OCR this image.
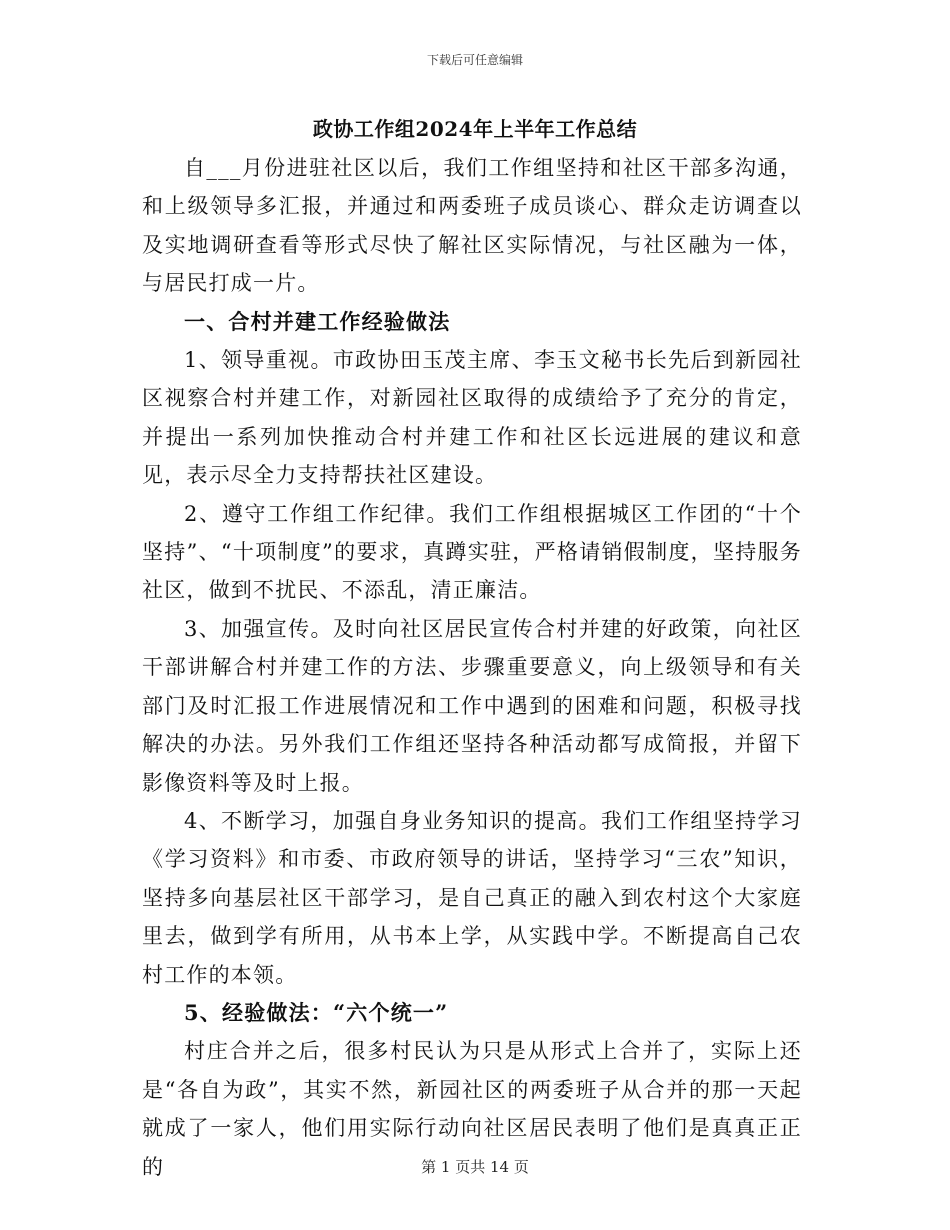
下载后可任意编辑
政协工作组2024年上半年工作总结

自___月份进驻社区以后，我们工作组坚持和社区干部多沟通，和上级领导多汇报，并通过和两委班子成员谈心、群众走访调查以及实地调研查看等形式尽快了解社区实际情况，与社区融为一体，与居民打成一片。

一、合村并建工作经验做法

1、领导重视。市政协田玉茂主席、李玉文秘书长先后到新园社区视察合村并建工作，对新园社区取得的成绩给予了充分的肯定，并提出一系列加快推动合村并建工作和社区长远进展的建议和意见，表示尽全力支持帮扶社区建设。

2、遵守工作组工作纪律。我们工作组根据城区工作团的“十个坚持”、“十项制度”的要求，真蹲实驻，严格请销假制度，坚持服务社区，做到不扰民、不添乱，清正廉洁。

3、加强宣传。及时向社区居民宣传合村并建的好政策，向社区干部讲解合村并建工作的方法、步骤重要意义，向上级领导和有关部门及时汇报工作进展情况和工作中遇到的困难和问题，积极寻找解决的办法。另外我们工作组还坚持各种活动都写成简报，并留下影像资料等及时上报。

4、不断学习，加强自身业务知识的提高。我们工作组坚持学习《学习资料》和市委、市政府领导的讲话，坚持学习“三农”知识，坚持多向基层社区干部学习，是自己真正的融入到农村这个大家庭里去，做到学有所用，从书本上学，从实践中学。不断提高自己农村工作的本领。

5、经验做法：“六个统一”

村庄合并之后，很多村民认为只是从形式上合并了，实际上还是“各自为政”，其实不然，新园社区的两委班子从合并的那一天起就成了一家人，他们用实际行动向社区居民表明了他们是真真正正的	第 1 页共 14 页
